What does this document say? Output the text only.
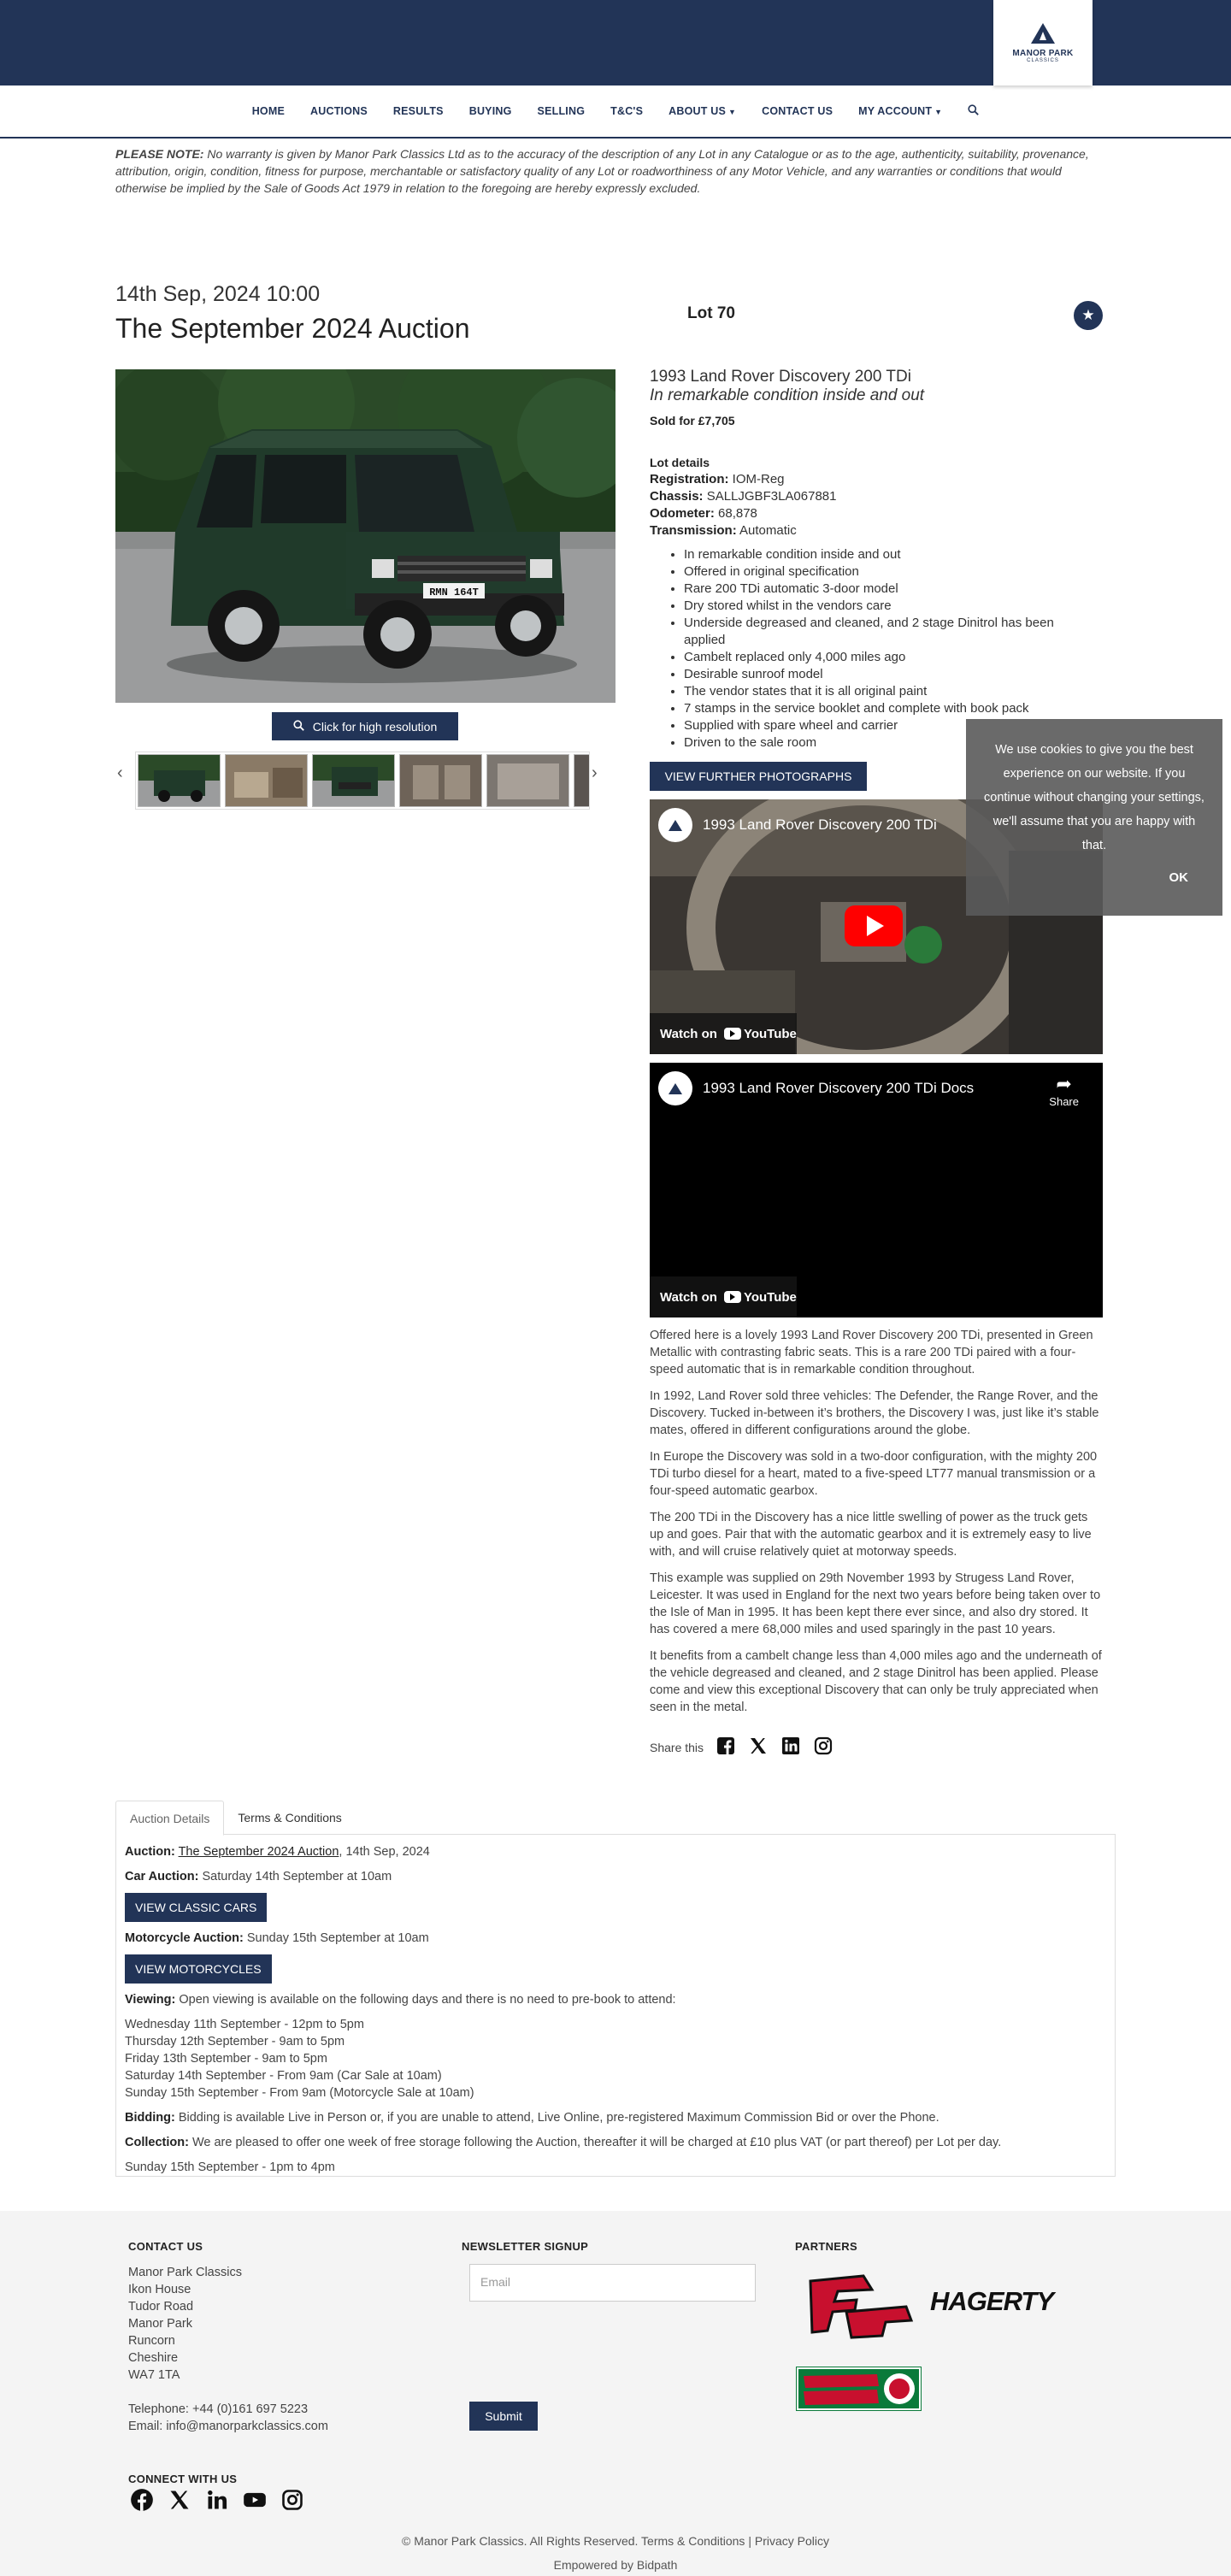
MANOR PARK
CLASSICS
HOME	AUCTIONS	RESULTS	BUYING	SELLING	T&C'S	ABOUT US ▼	CONTACT US	MY ACCOUNT ▼
PLEASE NOTE: No warranty is given by Manor Park Classics Ltd as to the accuracy of the description of any Lot in any Catalogue or as to the age, authenticity, suitability, provenance, attribution, origin, condition, fitness for purpose, merchantable or satisfactory quality of any Lot or roadworthiness of any Motor Vehicle, and any warranties or conditions that would otherwise be implied by the Sale of Goods Act 1979 in relation to the foregoing are hereby expressly excluded.
14th Sep, 2024 10:00
The September 2024 Auction	Lot 70	★
RMN 164T
Click for high resolution
‹	›
1993 Land Rover Discovery 200 TDi
In remarkable condition inside and out
Sold for £7,705
Lot details
Registration: IOM-Reg
Chassis: SALLJGBF3LA067881
Odometer: 68,878
Transmission: Automatic
• In remarkable condition inside and out
• Offered in original specification
• Rare 200 TDi automatic 3-door model
• Dry stored whilst in the vendors care
• Underside degreased and cleaned, and 2 stage Dinitrol has been applied
• Cambelt replaced only 4,000 miles ago
• Desirable sunroof model
• The vendor states that it is all original paint
• 7 stamps in the service booklet and complete with book pack
• Supplied with spare wheel and carrier
• Driven to the sale room
VIEW FURTHER PHOTOGRAPHS
1993 Land Rover Discovery 200 TDi
Watch on YouTube
1993 Land Rover Discovery 200 TDi Docs	➦
Share
Watch on YouTube

Offered here is a lovely 1993 Land Rover Discovery 200 TDi, presented in Green Metallic with contrasting fabric seats. This is a rare 200 TDi paired with a four-speed automatic that is in remarkable condition throughout.

In 1992, Land Rover sold three vehicles: The Defender, the Range Rover, and the Discovery. Tucked in-between it’s brothers, the Discovery I was, just like it’s stable mates, offered in different configurations around the globe.

In Europe the Discovery was sold in a two-door configuration, with the mighty 200 TDi turbo diesel for a heart, mated to a five-speed LT77 manual transmission or a four-speed automatic gearbox.

The 200 TDi in the Discovery has a nice little swelling of power as the truck gets up and goes. Pair that with the automatic gearbox and it is extremely easy to live with, and will cruise relatively quiet at motorway speeds.

This example was supplied on 29th November 1993 by Strugess Land Rover, Leicester. It was used in England for the next two years before being taken over to the Isle of Man in 1995. It has been kept there ever since, and also dry stored. It has covered a mere 68,000 miles and used sparingly in the past 10 years.

It benefits from a cambelt change less than 4,000 miles ago and the underneath of the vehicle degreased and cleaned, and 2 stage Dinitrol has been applied. Please come and view this exceptional Discovery that can only be truly appreciated when seen in the metal.

Share this
We use cookies to give you the best experience on our website. If you continue without changing your settings, we'll assume that you are happy with that.
OK
Auction Details	Terms & Conditions

Auction: The September 2024 Auction, 14th Sep, 2024

Car Auction: Saturday 14th September at 10am

VIEW CLASSIC CARS

Motorcycle Auction: Sunday 15th September at 10am

VIEW MOTORCYCLES

Viewing: Open viewing is available on the following days and there is no need to pre-book to attend:

Wednesday 11th September - 12pm to 5pm
Thursday 12th September - 9am to 5pm
Friday 13th September - 9am to 5pm
Saturday 14th September - From 9am (Car Sale at 10am)
Sunday 15th September - From 9am (Motorcycle Sale at 10am)

Bidding: Bidding is available Live in Person or, if you are unable to attend, Live Online, pre-registered Maximum Commission Bid or over the Phone.

Collection: We are pleased to offer one week of free storage following the Auction, thereafter it will be charged at £10 plus VAT (or part thereof) per Lot per day.

Sunday 15th September - 1pm to 4pm

CONTACT US
Manor Park Classics
Ikon House
Tudor Road
Manor Park
Runcorn
Cheshire
WA7 1TA
Telephone: +44 (0)161 697 5223
Email: info@manorparkclassics.com
NEWSLETTER SIGNUP
Email
Submit
PARTNERS
HAGERTY
CONNECT WITH US
© Manor Park Classics. All Rights Reserved. Terms & Conditions | Privacy Policy
Empowered by Bidpath
